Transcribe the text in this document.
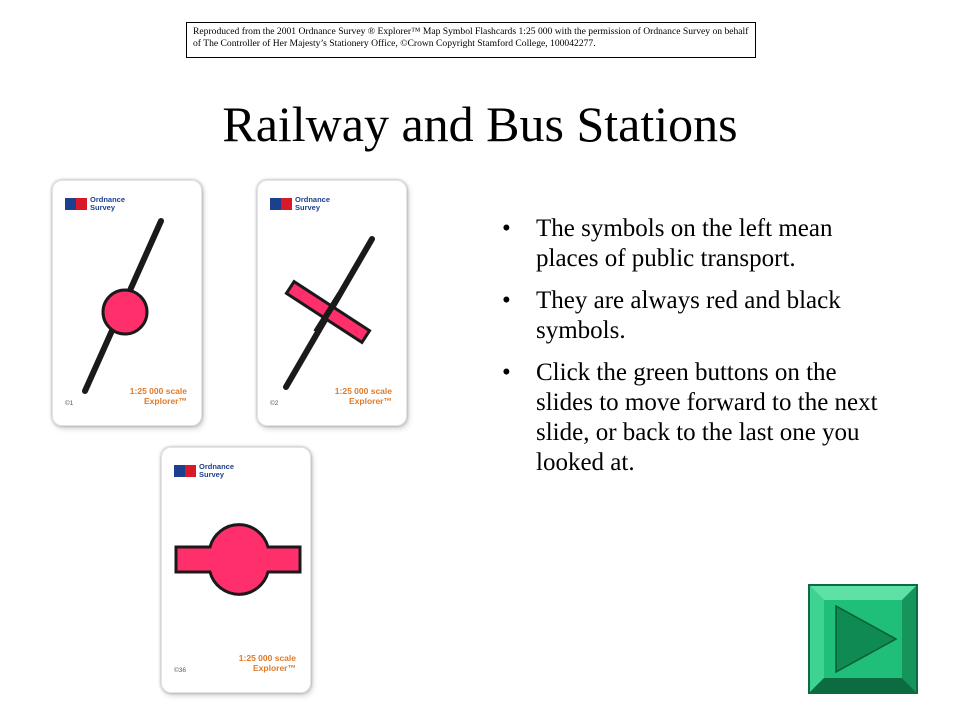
Reproduced from the 2001 Ordnance Survey ® Explorer™ Map Symbol Flashcards 1:25 000 with the permission of Ordnance Survey on behalf of The Controller of Her Majesty’s Stationery Office, ©Crown Copyright Stamford College, 100042277.
Railway and Bus Stations
Ordnance
Survey
1:25 000 scale
Explorer™
©1
Ordnance
Survey
1:25 000 scale
Explorer™
©2
Ordnance
Survey
1:25 000 scale
Explorer™
©36
• The symbols on the left mean places of public transport.
• They are always red and black symbols.
• Click the green buttons on the slides to move forward to the next slide, or back to the last one you looked at.
